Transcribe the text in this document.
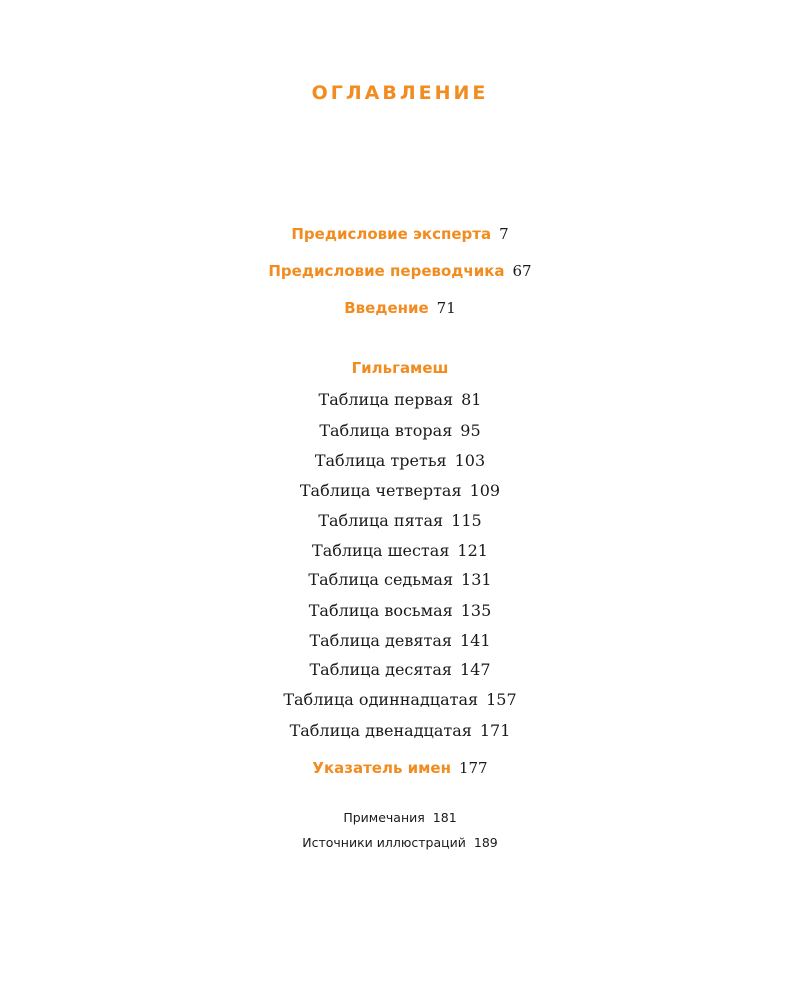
ОГЛАВЛЕНИЕ
Предисловие эксперта 7
Предисловие переводчика 67
Введение 71
Гильгамеш
Таблица первая 81
Таблица вторая 95
Таблица третья 103
Таблица четвертая 109
Таблица пятая 115
Таблица шестая 121
Таблица седьмая 131
Таблица восьмая 135
Таблица девятая 141
Таблица десятая 147
Таблица одиннадцатая 157
Таблица двенадцатая 171
Указатель имен 177
Примечания 181
Источники иллюстраций 189
